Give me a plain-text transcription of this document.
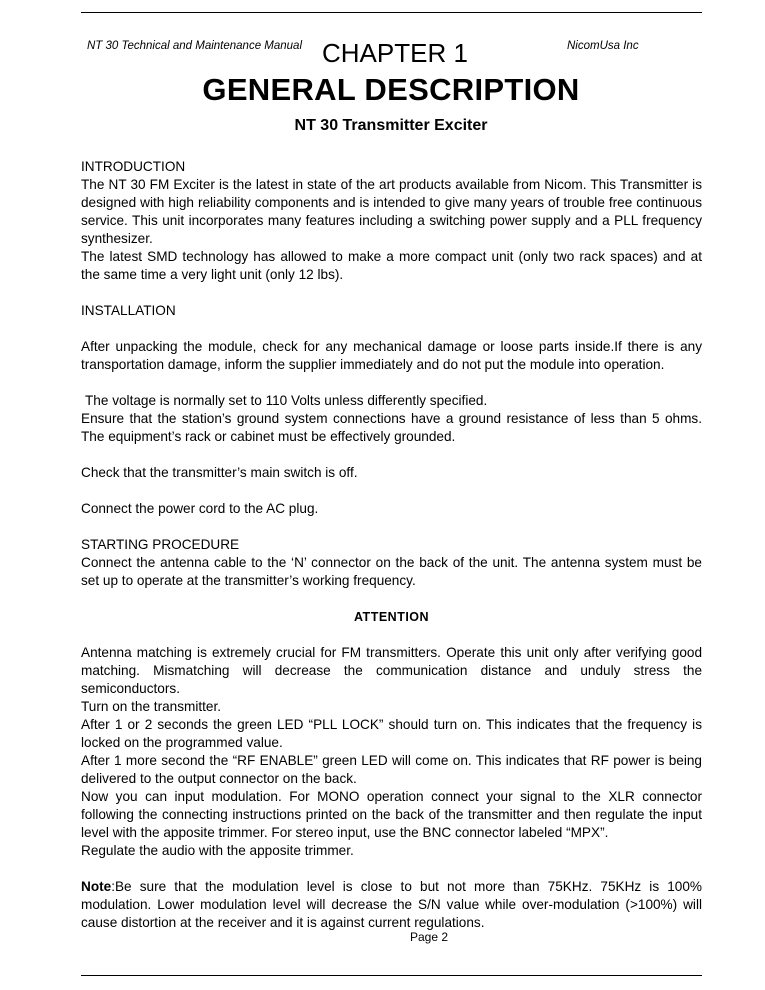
NT 30 Technical and Maintenance Manual CHAPTER 1	NicomUsa Inc
GENERAL DESCRIPTION
NT 30 Transmitter Exciter

INTRODUCTION

The NT 30 FM Exciter is the latest in state of the art products available from Nicom. This Transmitter is designed with high reliability components and is intended to give many years of trouble free continuous service. This unit incorporates many features including a switching power supply and a PLL frequency synthesizer.

The latest SMD technology has allowed to make a more compact unit (only two rack spaces) and at the same time a very light unit (only 12 lbs).

INSTALLATION

After unpacking the module, check for any mechanical damage or loose parts inside.If there is any transportation damage, inform the supplier immediately and do not put the module into operation.

The voltage is normally set to 110 Volts unless differently specified.

Ensure that the station’s ground system connections have a ground resistance of less than 5 ohms. The equipment’s rack or cabinet must be effectively grounded.

Check that the transmitter’s main switch is off.

Connect the power cord to the AC plug.

STARTING PROCEDURE

Connect the antenna cable to the ‘N’ connector on the back of the unit. The antenna system must be set up to operate at the transmitter’s working frequency.

ATTENTION

Antenna matching is extremely crucial for FM transmitters. Operate this unit only after verifying good matching. Mismatching will decrease the communication distance and unduly stress the semiconductors.

Turn on the transmitter.

After 1 or 2 seconds the green LED “PLL LOCK” should turn on. This indicates that the frequency is locked on the programmed value.

After 1 more second the “RF ENABLE” green LED will come on. This indicates that RF power is being delivered to the output connector on the back.

Now you can input modulation. For MONO operation connect your signal to the XLR connector following the connecting instructions printed on the back of the transmitter and then regulate the input level with the apposite trimmer. For stereo input, use the BNC connector labeled “MPX”.

Regulate the audio with the apposite trimmer.

Note:Be sure that the modulation level is close to but not more than 75KHz. 75KHz is 100% modulation. Lower modulation level will decrease the S/N value while over-modulation (>100%) will cause distortion at the receiver and it is against current regulations.

Page 2
